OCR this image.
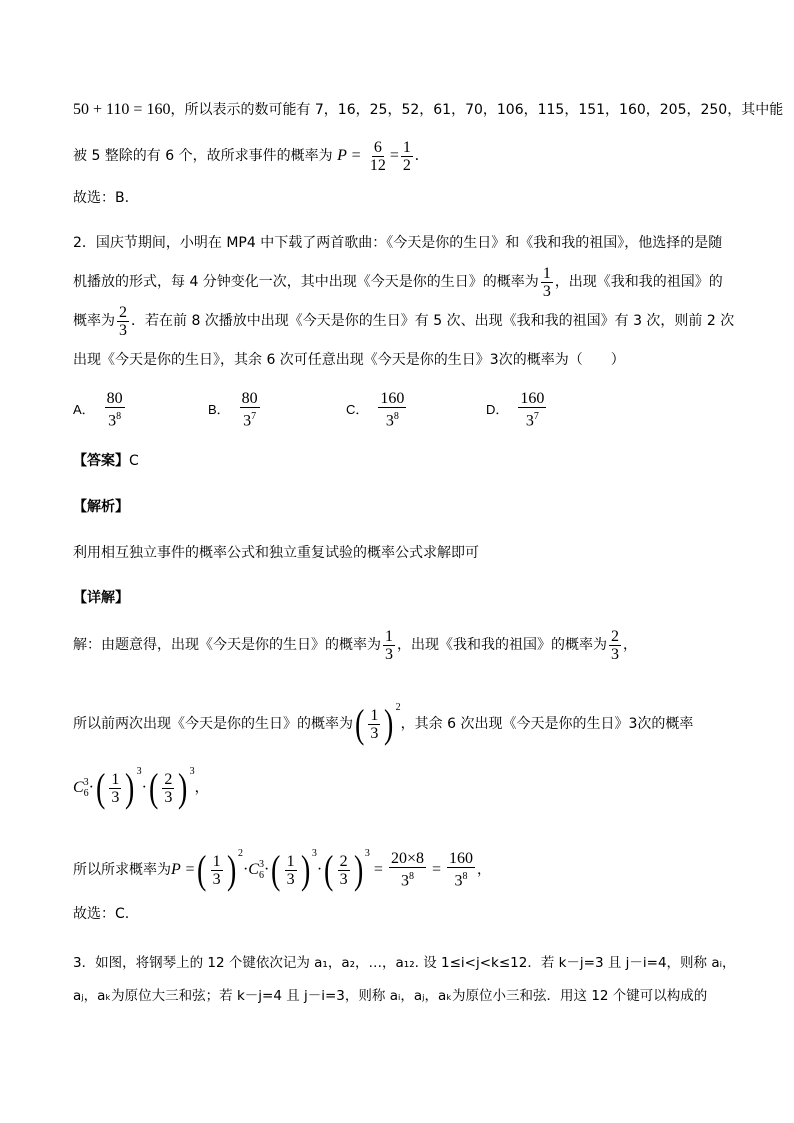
50 + 110 = 160，所以表示的数可能有 7，16，25，52，61，70，106，115，151，160，205，250，其中能
被 5 整除的有 6 个，故所求事件的概率为 $P = \frac{6}{12} = \frac{1}{2}$ .
故选：B.
2．国庆节期间，小明在 MP4 中下载了两首歌曲：《今天是你的生日》和《我和我的祖国》，他选择的是随
机播放的形式，每 4 分钟变化一次，其中出现《今天是你的生日》的概率为 $\frac{1}{3}$ ，出现《我和我的祖国》的
概率为 $\frac{2}{3}$ ．若在前 8 次播放中出现《今天是你的生日》有 5 次、出现《我和我的祖国》有 3 次，则前 2 次
出现《今天是你的生日》，其余 6 次可任意出现《今天是你的生日》3次的概率为（　　）
A． $\frac{80}{3^8}$	B． $\frac{80}{3^7}$	C． $\frac{160}{3^8}$	D． $\frac{160}{3^7}$
【答案】C
【解析】
利用相互独立事件的概率公式和独立重复试验的概率公式求解即可
【详解】
解：由题意得，出现《今天是你的生日》的概率为 $\frac{1}{3}$ ，出现《我和我的祖国》的概率为 $\frac{2}{3}$ ，
所以前两次出现《今天是你的生日》的概率为 ( $\frac{1}{3}$ ) $^2$，其余 6 次出现《今天是你的生日》3次的概率
C 3
6 · ( $\frac{1}{3}$ ) $^3$· ( $\frac{2}{3}$ ) $^3$，
所以所求概率为P = ( $\frac{1}{3}$ ) $^2$·C 3
6 · ( $\frac{1}{3}$ ) $^3$· ( $\frac{2}{3}$ ) $^3 = \frac{20\times 8}{3^8} = \frac{160}{3^8}$ ，
故选：C.
3．如图，将钢琴上的 12 个键依次记为 a₁，a₂，…，a₁₂. 设 1≤i<j<k≤12．若 k－j=3 且 j－i=4，则称 aᵢ，
aⱼ，aₖ为原位大三和弦；若 k－j=4 且 j－i=3，则称 aᵢ，aⱼ，aₖ为原位小三和弦．用这 12 个键可以构成的
